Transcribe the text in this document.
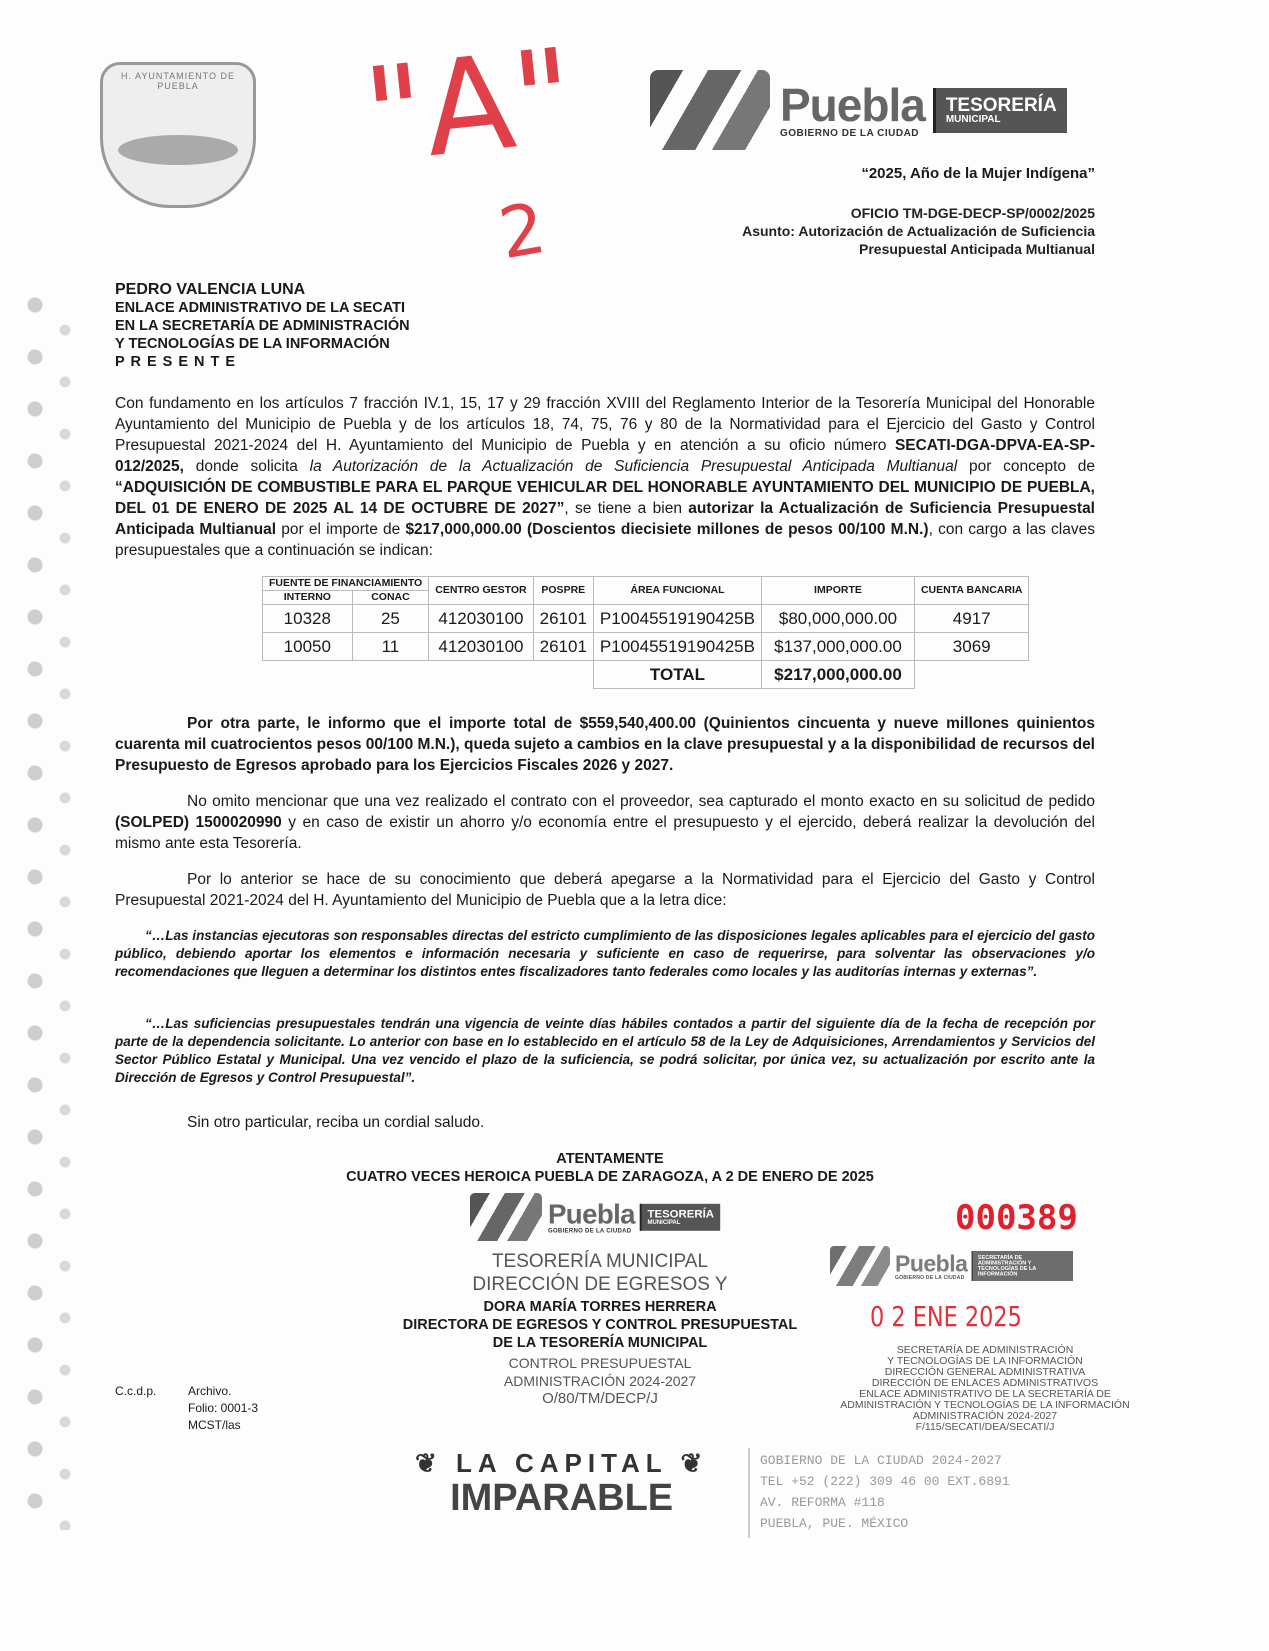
H. AYUNTAMIENTO DE PUEBLA	"A"
2
Puebla
GOBIERNO DE LA CIUDAD
TESORERÍA
MUNICIPAL
“2025, Año de la Mujer Indígena”
OFICIO TM-DGE-DECP-SP/0002/2025
Asunto: Autorización de Actualización de Suficiencia
Presupuestal Anticipada Multianual
PEDRO VALENCIA LUNA
ENLACE ADMINISTRATIVO DE LA SECATI
EN LA SECRETARÍA DE ADMINISTRACIÓN
Y TECNOLOGÍAS DE LA INFORMACIÓN
P R E S E N T E
Con fundamento en los artículos 7 fracción IV.1, 15, 17 y 29 fracción XVIII del Reglamento Interior de la Tesorería Municipal del Honorable Ayuntamiento del Municipio de Puebla y de los artículos 18, 74, 75, 76 y 80 de la Normatividad para el Ejercicio del Gasto y Control Presupuestal 2021-2024 del H. Ayuntamiento del Municipio de Puebla y en atención a su oficio número SECATI-DGA-DPVA-EA-SP-012/2025, donde solicita la Autorización de la Actualización de Suficiencia Presupuestal Anticipada Multianual por concepto de “ADQUISICIÓN DE COMBUSTIBLE PARA EL PARQUE VEHICULAR DEL HONORABLE AYUNTAMIENTO DEL MUNICIPIO DE PUEBLA, DEL 01 DE ENERO DE 2025 AL 14 DE OCTUBRE DE 2027”, se tiene a bien autorizar la Actualización de Suficiencia Presupuestal Anticipada Multianual por el importe de $217,000,000.00 (Doscientos diecisiete millones de pesos 00/100 M.N.), con cargo a las claves presupuestales que a continuación se indican:
FUENTE DE FINANCIAMIENTO		CENTRO GESTOR	POSPRE	ÁREA FUNCIONAL	IMPORTE	CUENTA BANCARIA
INTERNO	CONAC					
10328	25	412030100	26101	P10045519190425B	$80,000,000.00	4917
10050	11	412030100	26101	P10045519190425B	$137,000,000.00	3069
				TOTAL	$217,000,000.00	
Por otra parte, le informo que el importe total de $559,540,400.00 (Quinientos cincuenta y nueve millones quinientos cuarenta mil cuatrocientos pesos 00/100 M.N.), queda sujeto a cambios en la clave presupuestal y a la disponibilidad de recursos del Presupuesto de Egresos aprobado para los Ejercicios Fiscales 2026 y 2027.
No omito mencionar que una vez realizado el contrato con el proveedor, sea capturado el monto exacto en su solicitud de pedido (SOLPED) 1500020990 y en caso de existir un ahorro y/o economía entre el presupuesto y el ejercido, deberá realizar la devolución del mismo ante esta Tesorería.
Por lo anterior se hace de su conocimiento que deberá apegarse a la Normatividad para el Ejercicio del Gasto y Control Presupuestal 2021-2024 del H. Ayuntamiento del Municipio de Puebla que a la letra dice:
“…Las instancias ejecutoras son responsables directas del estricto cumplimiento de las disposiciones legales aplicables para el ejercicio del gasto público, debiendo aportar los elementos e información necesaria y suficiente en caso de requerirse, para solventar las observaciones y/o recomendaciones que lleguen a determinar los distintos entes fiscalizadores tanto federales como locales y las auditorías internas y externas”.
“…Las suficiencias presupuestales tendrán una vigencia de veinte días hábiles contados a partir del siguiente día de la fecha de recepción por parte de la dependencia solicitante. Lo anterior con base en lo establecido en el artículo 58 de la Ley de Adquisiciones, Arrendamientos y Servicios del Sector Público Estatal y Municipal. Una vez vencido el plazo de la suficiencia, se podrá solicitar, por única vez, su actualización por escrito ante la Dirección de Egresos y Control Presupuestal”.
Sin otro particular, reciba un cordial saludo.
ATENTAMENTE
CUATRO VECES HEROICA PUEBLA DE ZARAGOZA, A 2 DE ENERO DE 2025
Puebla
GOBIERNO DE LA CIUDAD
TESORERÍA
MUNICIPAL
TESORERÍA MUNICIPAL
DIRECCIÓN DE EGRESOS Y
DORA MARÍA TORRES HERRERA
DIRECTORA DE EGRESOS Y CONTROL PRESUPUESTAL
DE LA TESORERÍA MUNICIPAL
CONTROL PRESUPUESTAL
ADMINISTRACIÓN 2024-2027
O/80/TM/DECP/J
000389
Puebla
GOBIERNO DE LA CIUDAD
SECRETARÍA DE ADMINISTRACIÓN Y TECNOLOGÍAS DE LA INFORMACIÓN
0 2 ENE 2025
SECRETARÍA DE ADMINISTRACIÓN
Y TECNOLOGÍAS DE LA INFORMACIÓN
DIRECCIÓN GENERAL ADMINISTRATIVA
DIRECCIÓN DE ENLACES ADMINISTRATIVOS
ENLACE ADMINISTRATIVO DE LA SECRETARÍA DE
ADMINISTRACIÓN Y TECNOLOGÍAS DE LA INFORMACIÓN
ADMINISTRACIÓN 2024-2027
F/115/SECATI/DEA/SECATI/J
C.c.d.p.	Archivo.
Folio: 0001-3
MCST/las
❦ LA CAPITAL ❦
IMPARABLE
GOBIERNO DE LA CIUDAD 2024-2027
TEL +52 (222) 309 46 00 EXT.6891
AV. REFORMA #118
PUEBLA, PUE. MÉXICO
